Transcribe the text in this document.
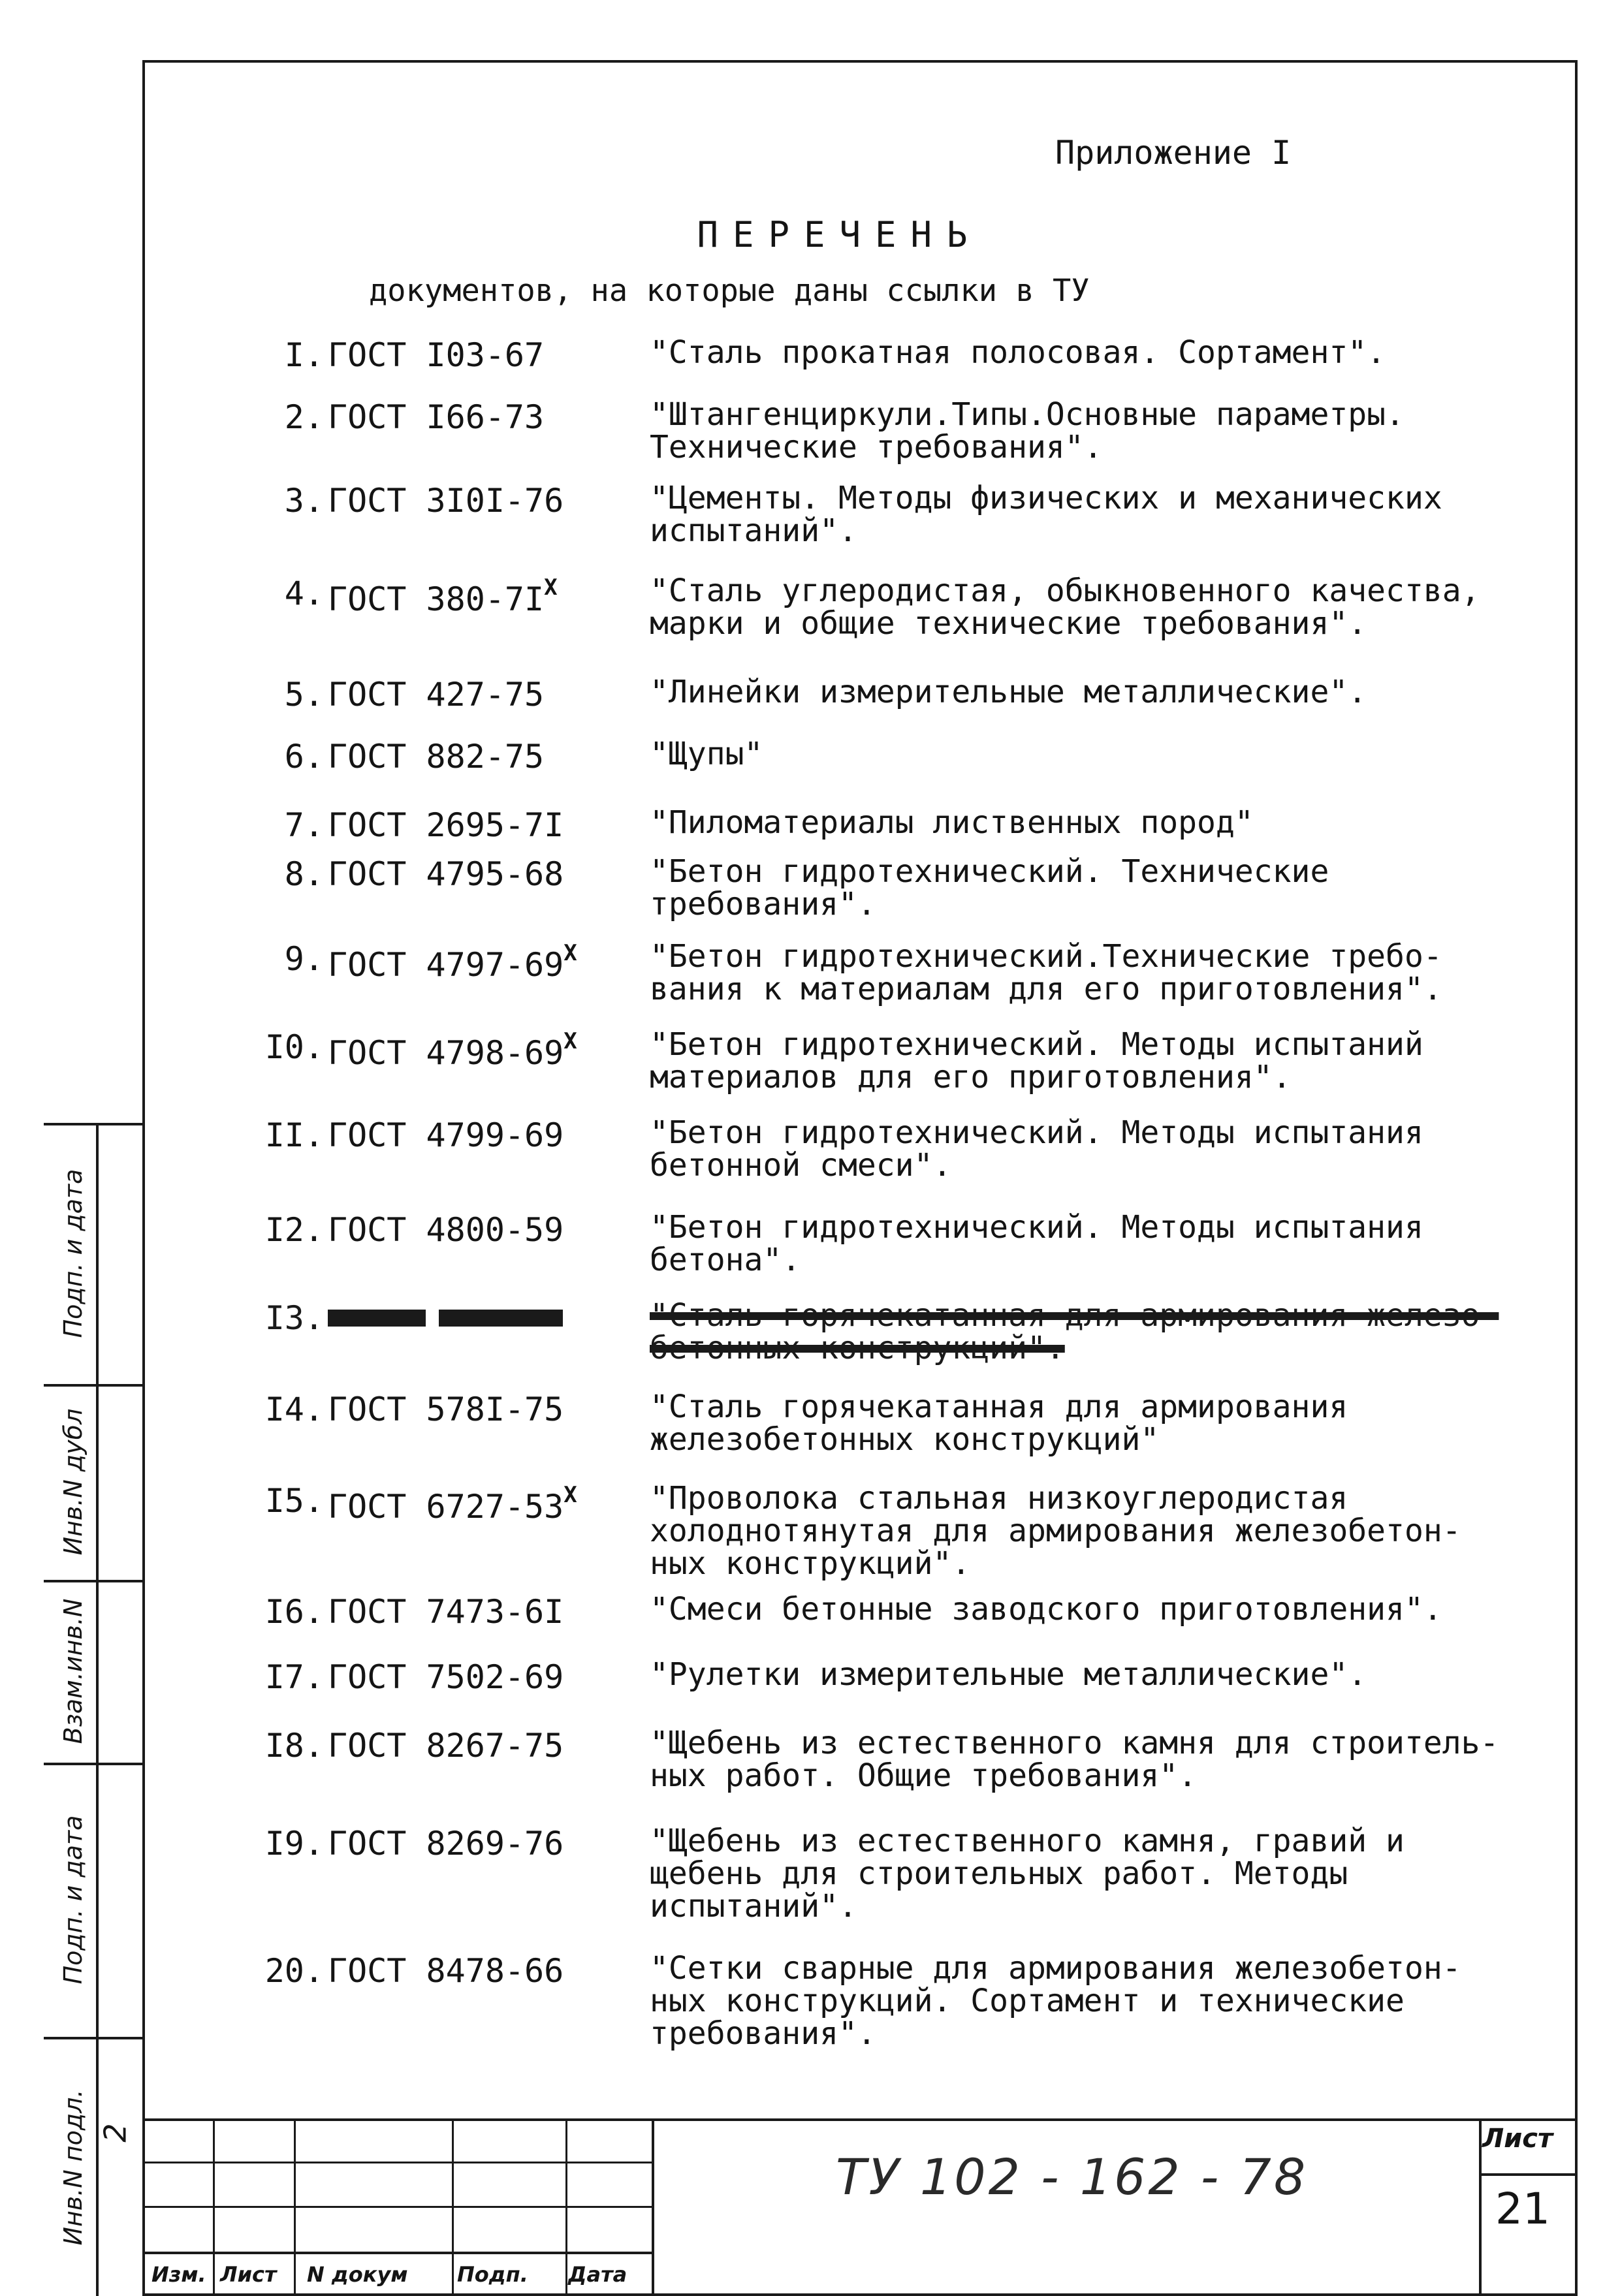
Приложение I
ПЕРЕЧЕНЬ
документов, на которые даны ссылки в ТУ
I. ГОСТ I03-67	"Сталь прокатная полосовая. Сортамент".
2. ГОСТ I66-73	"Штангенциркули.Типы.Основные параметры.
Технические требования".
3. ГОСТ 3I0I-76	"Цементы. Методы физических и механических
испытаний".
4. ГОСТ $380-7I^X$	"Сталь углеродистая, обыкновенного качества,
марки и общие технические требования".
5. ГОСТ 427-75	"Линейки измерительные металлические".
6. ГОСТ 882-75	"Щупы"
7. ГОСТ 2695-7I	"Пиломатериалы лиственных пород"
8. ГОСТ 4795-68	"Бетон гидротехнический. Технические
требования".
9. ГОСТ $4797-69^X$ "Бетон гидротехнический.Технические требо-
вания к материалам для его приготовления".
I0. ГОСТ $4798-69^X$ "Бетон гидротехнический. Методы испытаний
материалов для его приготовления".
II. ГОСТ 4799-69	"Бетон гидротехнический. Методы испытания
бетонной смеси".
I2. ГОСТ 4800-59	"Бетон гидротехнический. Методы испытания
бетона".
I3.	"Сталь горячекатанная для армирования железо-
бетонных конструкций".
I4. ГОСТ 578I-75	"Сталь горячекатанная для армирования
железобетонных конструкций"
I5. ГОСТ $6727-53^X$ "Проволока стальная низкоуглеродистая
холоднотянутая для армирования железобетон-
ных конструкций".
I6. ГОСТ 7473-6I	"Смеси бетонные заводского приготовления".
I7. ГОСТ 7502-69	"Рулетки измерительные металлические".
I8. ГОСТ 8267-75	"Щебень из естественного камня для строитель-
ных работ. Общие требования".
I9. ГОСТ 8269-76	"Щебень из естественного камня, гравий и
щебень для строительных работ. Методы
испытаний".
20. ГОСТ 8478-66	"Сетки сварные для армирования железобетон-
ных конструкций. Сортамент и технические
требования".
Подп. и дата
Инв.N дубл
Взам.инв.N
Подп. и дата
Инв.N подл. 2
ТУ 102 - 162 - 78
Лист
21
Изм. Лист N докум Подп. Дата
